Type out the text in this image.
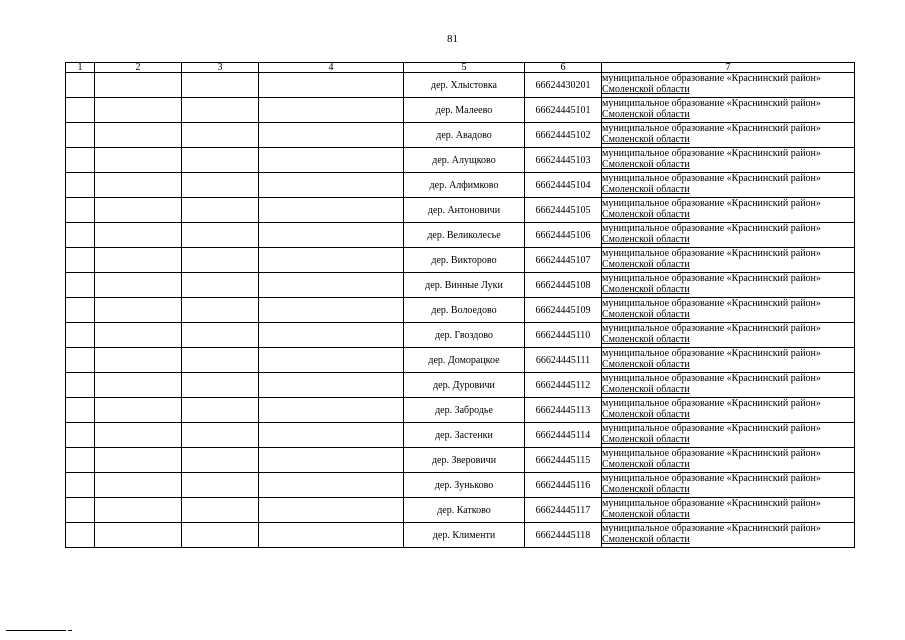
81
1	2	3	4	5	6	7
				дер. Хлыстовка	66624430201	муниципальное образование «Краснинский район»
Смоленской области

				дер. Малеево	66624445101	муниципальное образование «Краснинский район»
Смоленской области

				дер. Авадово	66624445102	муниципальное образование «Краснинский район»
Смоленской области

				дер. Алущково	66624445103	муниципальное образование «Краснинский район»
Смоленской области

				дер. Алфимково	66624445104	муниципальное образование «Краснинский район»
Смоленской области

				дер. Антоновичи	66624445105	муниципальное образование «Краснинский район»
Смоленской области

				дер. Великолесье	66624445106	муниципальное образование «Краснинский район»
Смоленской области

				дер. Викторово	66624445107	муниципальное образование «Краснинский район»
Смоленской области

				дер. Винные Луки	66624445108	муниципальное образование «Краснинский район»
Смоленской области

				дер. Волоедово	66624445109	муниципальное образование «Краснинский район»
Смоленской области

				дер. Гвоздово	66624445110	муниципальное образование «Краснинский район»
Смоленской области

				дер. Доморацкое	66624445111	муниципальное образование «Краснинский район»
Смоленской области

				дер. Дуровичи	66624445112	муниципальное образование «Краснинский район»
Смоленской области

				дер. Забродье	66624445113	муниципальное образование «Краснинский район»
Смоленской области

				дер. Застенки	66624445114	муниципальное образование «Краснинский район»
Смоленской области

				дер. Зверовичи	66624445115	муниципальное образование «Краснинский район»
Смоленской области

				дер. Зуньково	66624445116	муниципальное образование «Краснинский район»
Смоленской области

				дер. Катково	66624445117	муниципальное образование «Краснинский район»
Смоленской области

				дер. Клименти	66624445118	муниципальное образование «Краснинский район»
Смоленской области
